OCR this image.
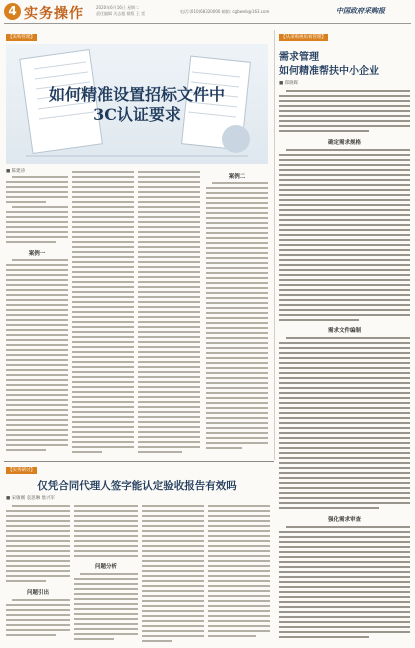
4 实务操作	2020年6月16日 星期二
责任编辑 关志超 排版 王 雷	电话:(010)68320000 邮箱: cgbweb@163.com	中国政府采购报
【采购管理】
如何精准设置招标文件中
3C认证要求
■ 陈建涛
案例一
案例二
【从采购视角看管理】
需求管理
如何精准帮扶中小企业
■ 郑晓晖
确定需求规格
需求文件编制
强化需求审查
【实务研讨】
仅凭合同代理人签字能认定验收报告有效吗
■ 宋敏刚 袁思琳 詹兴军
问题引出
问题分析
